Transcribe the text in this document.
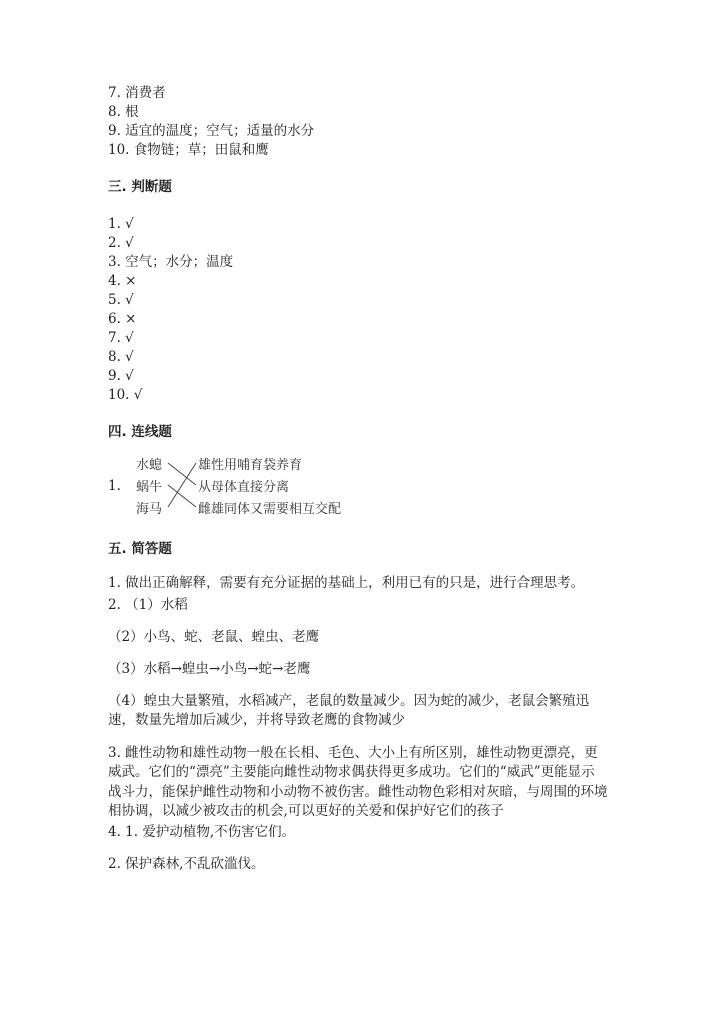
7. 消费者
8. 根
9. 适宜的温度；空气；适量的水分
10. 食物链；草；田鼠和鹰
三. 判断题
1. √
2. √
3. 空气；水分；温度
4. ×
5. √
6. ×
7. √
8. √
9. √
10. √
四. 连线题
1.
水螅
蜗牛
海马
雄性用哺育袋养育
从母体直接分离
雌雄同体又需要相互交配
五. 简答题
1. 做出正确解释，需要有充分证据的基础上，利用已有的只是，进行合理思考。
2. （1）水稻
（2）小鸟、蛇、老鼠、蝗虫、老鹰
（3）水稻→蝗虫→小鸟→蛇→老鹰
（4）蝗虫大量繁殖，水稻减产，老鼠的数量减少。因为蛇的减少，老鼠会繁殖迅速，数量先增加后减少，并将导致老鹰的食物减少
3. 雌性动物和雄性动物一般在长相、毛色、大小上有所区别，雄性动物更漂亮，更威武。它们的“漂亮”主要能向雌性动物求偶获得更多成功。它们的“威武”更能显示战斗力，能保护雌性动物和小动物不被伤害。雌性动物色彩相对灰暗，与周围的环境相协调，以减少被攻击的机会,可以更好的关爱和保护好它们的孩子
4. 1. 爱护动植物,不伤害它们。
2. 保护森林,不乱砍滥伐。
